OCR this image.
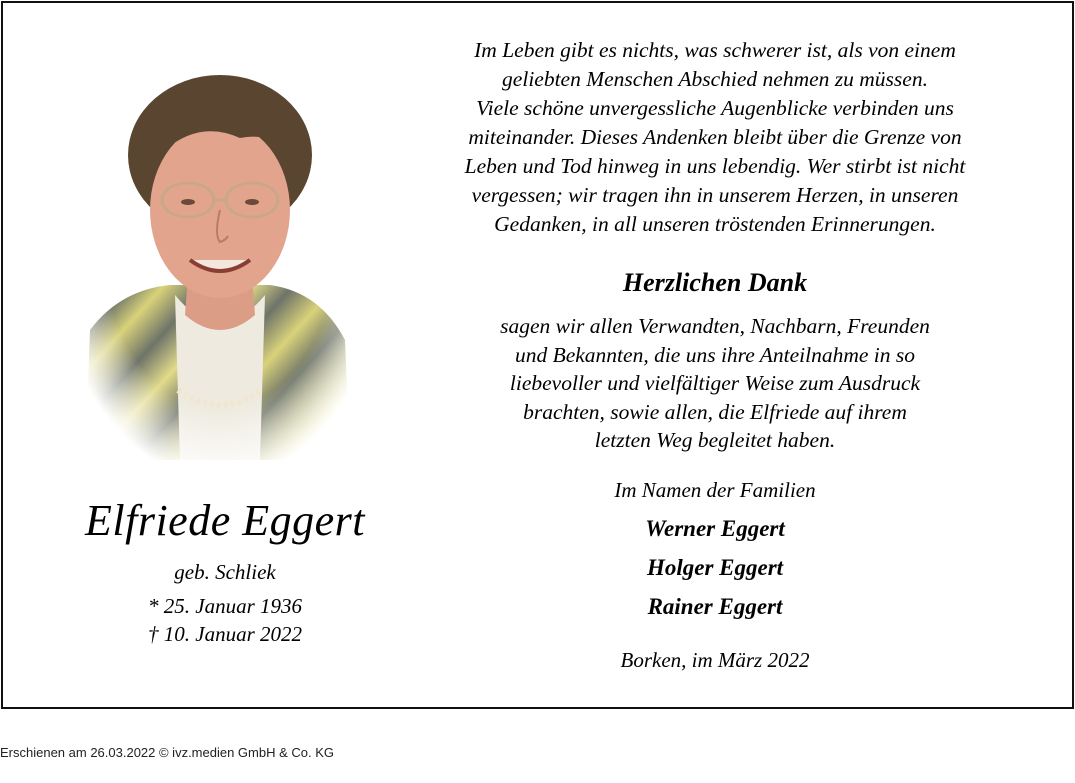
Elfriede Eggert
geb. Schliek
* 25. Januar 1936
† 10. Januar 2022
Im Leben gibt es nichts, was schwerer ist, als von einem
geliebten Menschen Abschied nehmen zu müssen.
Viele schöne unvergessliche Augenblicke verbinden uns
miteinander. Dieses Andenken bleibt über die Grenze von
Leben und Tod hinweg in uns lebendig. Wer stirbt ist nicht
vergessen; wir tragen ihn in unserem Herzen, in unseren
Gedanken, in all unseren tröstenden Erinnerungen.
Herzlichen Dank
sagen wir allen Verwandten, Nachbarn, Freunden
und Bekannten, die uns ihre Anteilnahme in so
liebevoller und vielfältiger Weise zum Ausdruck
brachten, sowie allen, die Elfriede auf ihrem
letzten Weg begleitet haben.
Im Namen der Familien
Werner Eggert
Holger Eggert
Rainer Eggert
Borken, im März 2022
Erschienen am 26.03.2022 © ivz.medien GmbH & Co. KG
